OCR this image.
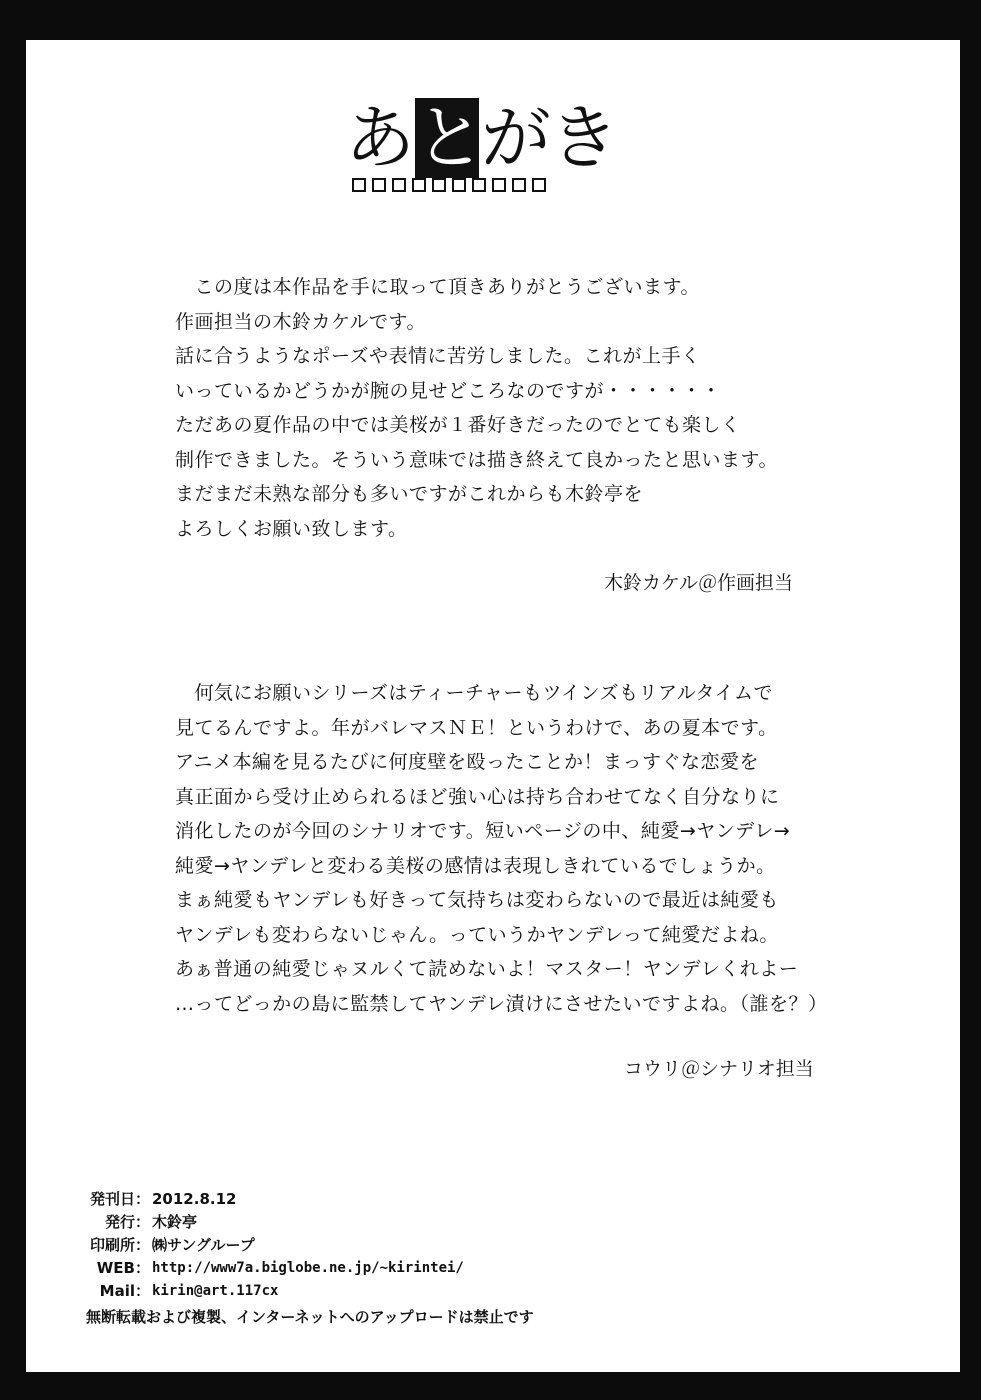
あ と
が
き
　この度は本作品を手に取って頂きありがとうございます。
作画担当の木鈴カケルです。
話に合うようなポーズや表情に苦労しました。これが上手く
いっているかどうかが腕の見せどころなのですが・・・・・・
ただあの夏作品の中では美桜が１番好きだったのでとても楽しく
制作できました。そういう意味では描き終えて良かったと思います。
まだまだ未熟な部分も多いですがこれからも木鈴亭を
よろしくお願い致します。
木鈴カケル＠作画担当
　何気にお願いシリーズはティーチャーもツインズもリアルタイムで
見てるんですよ。年がバレマスＮＥ！というわけで、あの夏本です。
アニメ本編を見るたびに何度壁を殴ったことか！まっすぐな恋愛を
真正面から受け止められるほど強い心は持ち合わせてなく自分なりに
消化したのが今回のシナリオです。短いページの中、純愛→ヤンデレ→
純愛→ヤンデレと変わる美桜の感情は表現しきれているでしょうか。
まぁ純愛もヤンデレも好きって気持ちは変わらないので最近は純愛も
ヤンデレも変わらないじゃん。っていうかヤンデレって純愛だよね。
あぁ普通の純愛じゃヌルくて読めないよ！マスター！ヤンデレくれよー
…ってどっかの島に監禁してヤンデレ漬けにさせたいですよね。（誰を？）
コウリ＠シナリオ担当
発刊日： 2012.8.12
発行： 木鈴亭
印刷所： ㈱サングループ
WEB： http://www7a.biglobe.ne.jp/~kirintei/
Mail： kirin@art.117cx
無断転載および複製、インターネットへのアップロードは禁止です
